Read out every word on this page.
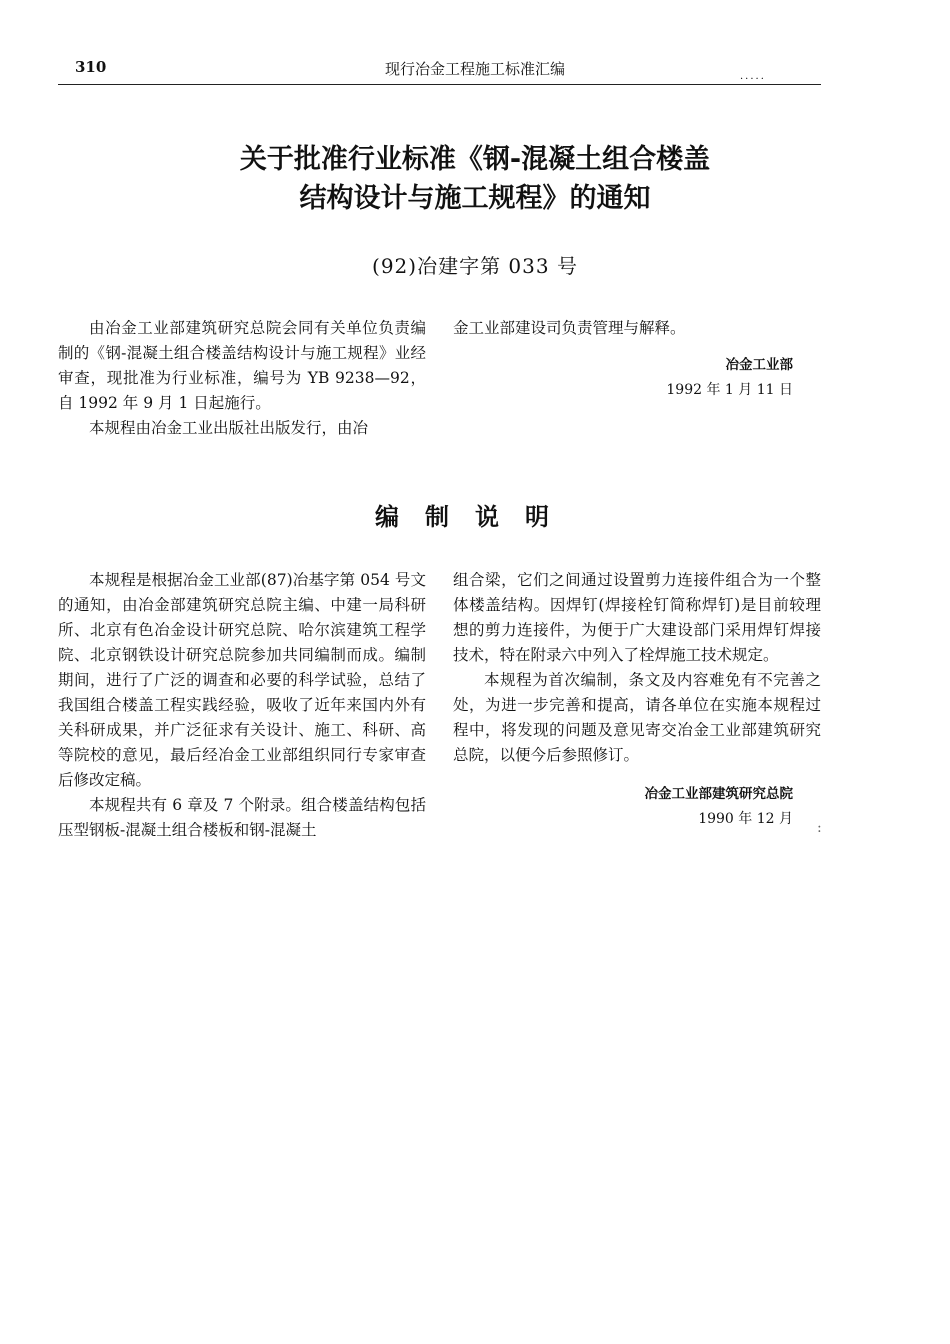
310	现行冶金工程施工标准汇编
·····
关于批准行业标准《钢-混凝土组合楼盖
结构设计与施工规程》的通知
(92)冶建字第 033 号

由冶金工业部建筑研究总院会同有关单位负责编制的《钢-混凝土组合楼盖结构设计与施工规程》业经审查，现批准为行业标准，编号为 YB 9238—92，自 1992 年 9 月 1 日起施行。

本规程由冶金工业出版社出版发行，由冶

金工业部建设司负责管理与解释。

冶金工业部
1992 年 1 月 11 日
编制说明

本规程是根据冶金工业部(87)冶基字第 054 号文的通知，由冶金部建筑研究总院主编、中建一局科研所、北京有色冶金设计研究总院、哈尔滨建筑工程学院、北京钢铁设计研究总院参加共同编制而成。编制期间，进行了广泛的调查和必要的科学试验，总结了我国组合楼盖工程实践经验，吸收了近年来国内外有关科研成果，并广泛征求有关设计、施工、科研、高等院校的意见，最后经冶金工业部组织同行专家审查后修改定稿。

本规程共有 6 章及 7 个附录。组合楼盖结构包括压型钢板-混凝土组合楼板和钢-混凝土

组合梁，它们之间通过设置剪力连接件组合为一个整体楼盖结构。因焊钉(焊接栓钉简称焊钉)是目前较理想的剪力连接件，为便于广大建设部门采用焊钉焊接技术，特在附录六中列入了栓焊施工技术规定。

本规程为首次编制，条文及内容难免有不完善之处，为进一步完善和提高，请各单位在实施本规程过程中，将发现的问题及意见寄交冶金工业部建筑研究总院，以便今后参照修订。

冶金工业部建筑研究总院
1990 年 12 月
:
